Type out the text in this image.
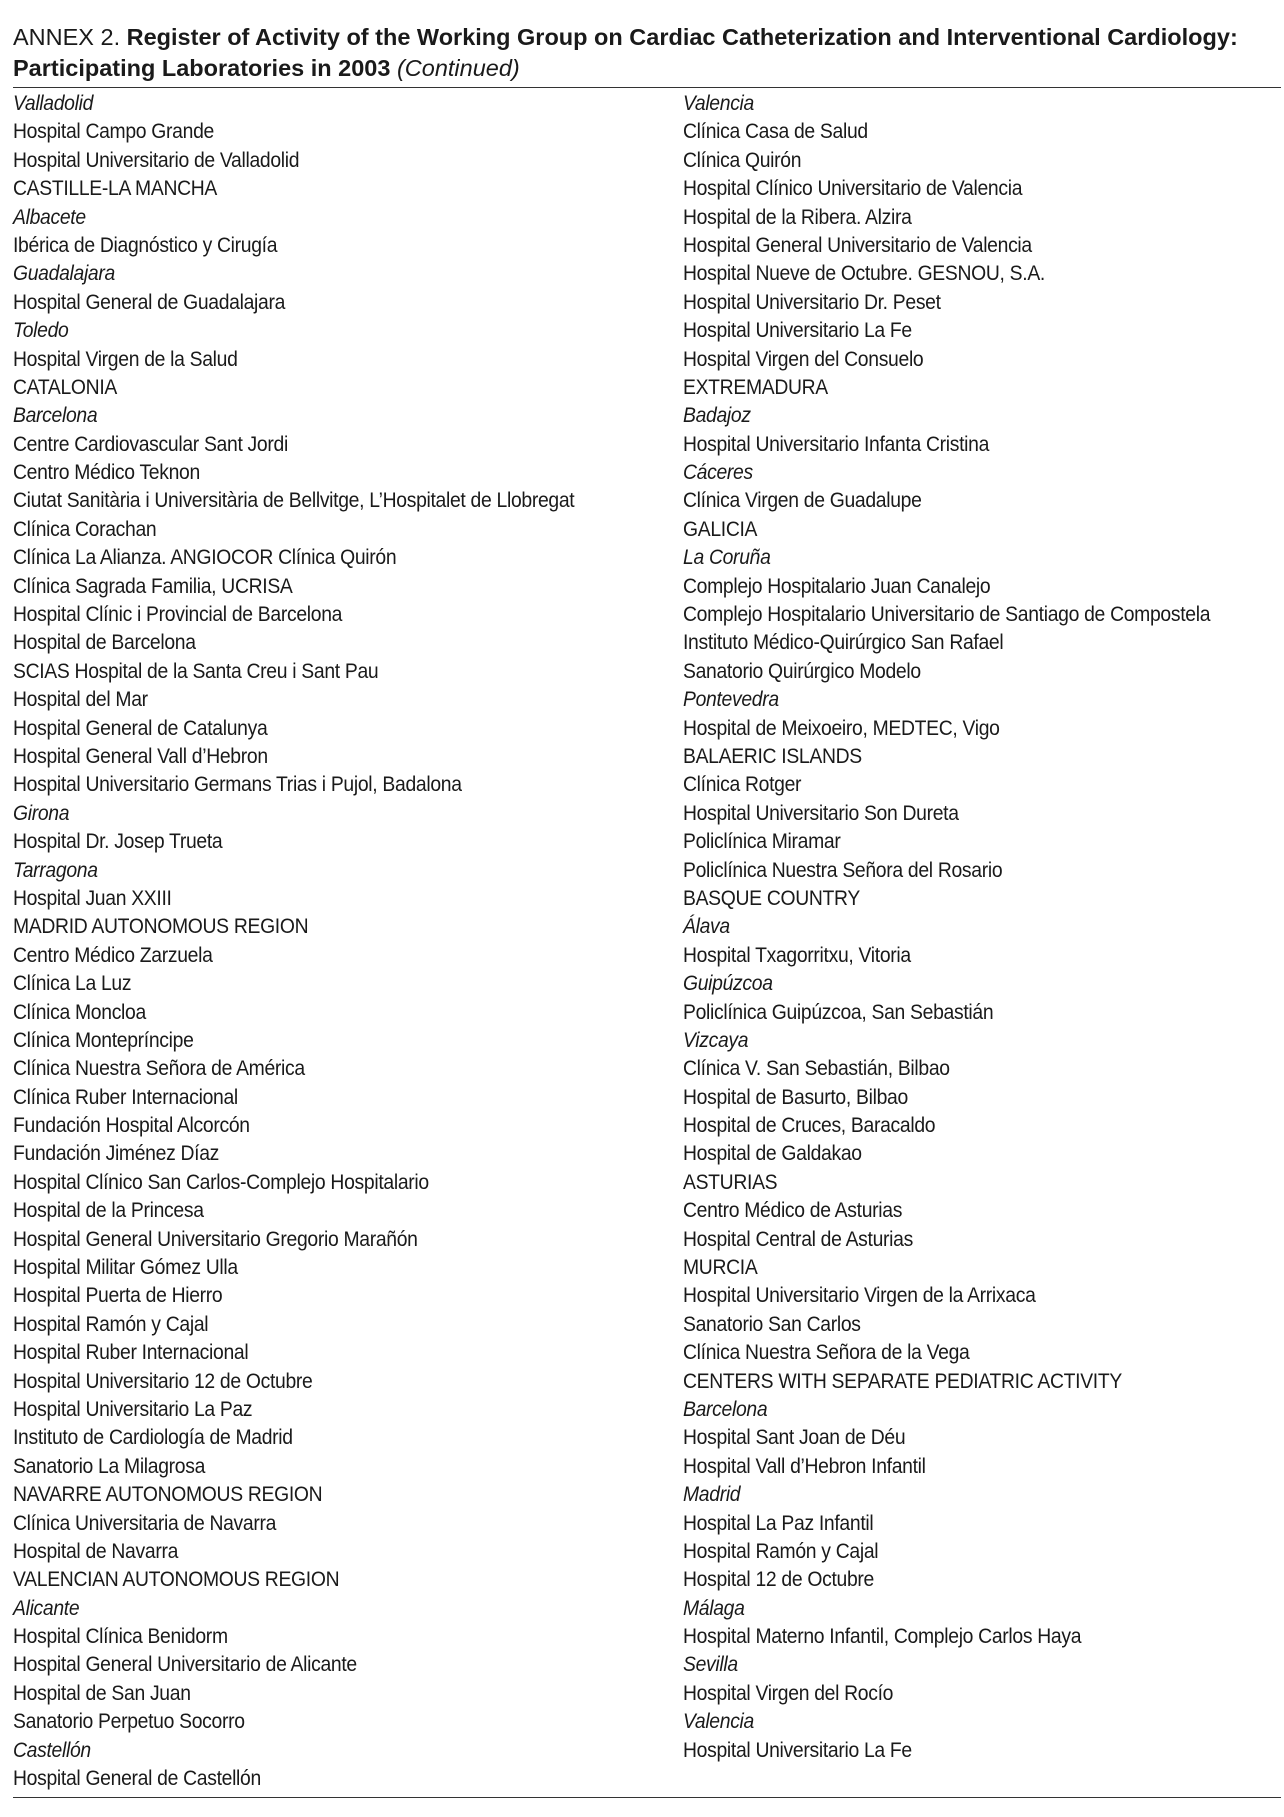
ANNEX 2. Register of Activity of the Working Group on Cardiac Catheterization and Interventional Cardiology:
Participating Laboratories in 2003 (Continued)
Valladolid
Hospital Campo Grande
Hospital Universitario de Valladolid
CASTILLE-LA MANCHA
Albacete
Ibérica de Diagnóstico y Cirugía
Guadalajara
Hospital General de Guadalajara
Toledo
Hospital Virgen de la Salud
CATALONIA
Barcelona
Centre Cardiovascular Sant Jordi
Centro Médico Teknon
Ciutat Sanitària i Universitària de Bellvitge, L’Hospitalet de Llobregat
Clínica Corachan
Clínica La Alianza. ANGIOCOR Clínica Quirón
Clínica Sagrada Familia, UCRISA
Hospital Clínic i Provincial de Barcelona
Hospital de Barcelona
SCIAS Hospital de la Santa Creu i Sant Pau
Hospital del Mar
Hospital General de Catalunya
Hospital General Vall d’Hebron
Hospital Universitario Germans Trias i Pujol, Badalona
Girona
Hospital Dr. Josep Trueta
Tarragona
Hospital Juan XXIII
MADRID AUTONOMOUS REGION
Centro Médico Zarzuela
Clínica La Luz
Clínica Moncloa
Clínica Montepríncipe
Clínica Nuestra Señora de América
Clínica Ruber Internacional
Fundación Hospital Alcorcón
Fundación Jiménez Díaz
Hospital Clínico San Carlos-Complejo Hospitalario
Hospital de la Princesa
Hospital General Universitario Gregorio Marañón
Hospital Militar Gómez Ulla
Hospital Puerta de Hierro
Hospital Ramón y Cajal
Hospital Ruber Internacional
Hospital Universitario 12 de Octubre
Hospital Universitario La Paz
Instituto de Cardiología de Madrid
Sanatorio La Milagrosa
NAVARRE AUTONOMOUS REGION
Clínica Universitaria de Navarra
Hospital de Navarra
VALENCIAN AUTONOMOUS REGION
Alicante
Hospital Clínica Benidorm
Hospital General Universitario de Alicante
Hospital de San Juan
Sanatorio Perpetuo Socorro
Castellón
Hospital General de Castellón
Valencia
Clínica Casa de Salud
Clínica Quirón
Hospital Clínico Universitario de Valencia
Hospital de la Ribera. Alzira
Hospital General Universitario de Valencia
Hospital Nueve de Octubre. GESNOU, S.A.
Hospital Universitario Dr. Peset
Hospital Universitario La Fe
Hospital Virgen del Consuelo
EXTREMADURA
Badajoz
Hospital Universitario Infanta Cristina
Cáceres
Clínica Virgen de Guadalupe
GALICIA
La Coruña
Complejo Hospitalario Juan Canalejo
Complejo Hospitalario Universitario de Santiago de Compostela
Instituto Médico-Quirúrgico San Rafael
Sanatorio Quirúrgico Modelo
Pontevedra
Hospital de Meixoeiro, MEDTEC, Vigo
BALAERIC ISLANDS
Clínica Rotger
Hospital Universitario Son Dureta
Policlínica Miramar
Policlínica Nuestra Señora del Rosario
BASQUE COUNTRY
Álava
Hospital Txagorritxu, Vitoria
Guipúzcoa
Policlínica Guipúzcoa, San Sebastián
Vizcaya
Clínica V. San Sebastián, Bilbao
Hospital de Basurto, Bilbao
Hospital de Cruces, Baracaldo
Hospital de Galdakao
ASTURIAS
Centro Médico de Asturias
Hospital Central de Asturias
MURCIA
Hospital Universitario Virgen de la Arrixaca
Sanatorio San Carlos
Clínica Nuestra Señora de la Vega
CENTERS WITH SEPARATE PEDIATRIC ACTIVITY
Barcelona
Hospital Sant Joan de Déu
Hospital Vall d’Hebron Infantil
Madrid
Hospital La Paz Infantil
Hospital Ramón y Cajal
Hospital 12 de Octubre
Málaga
Hospital Materno Infantil, Complejo Carlos Haya
Sevilla
Hospital Virgen del Rocío
Valencia
Hospital Universitario La Fe
